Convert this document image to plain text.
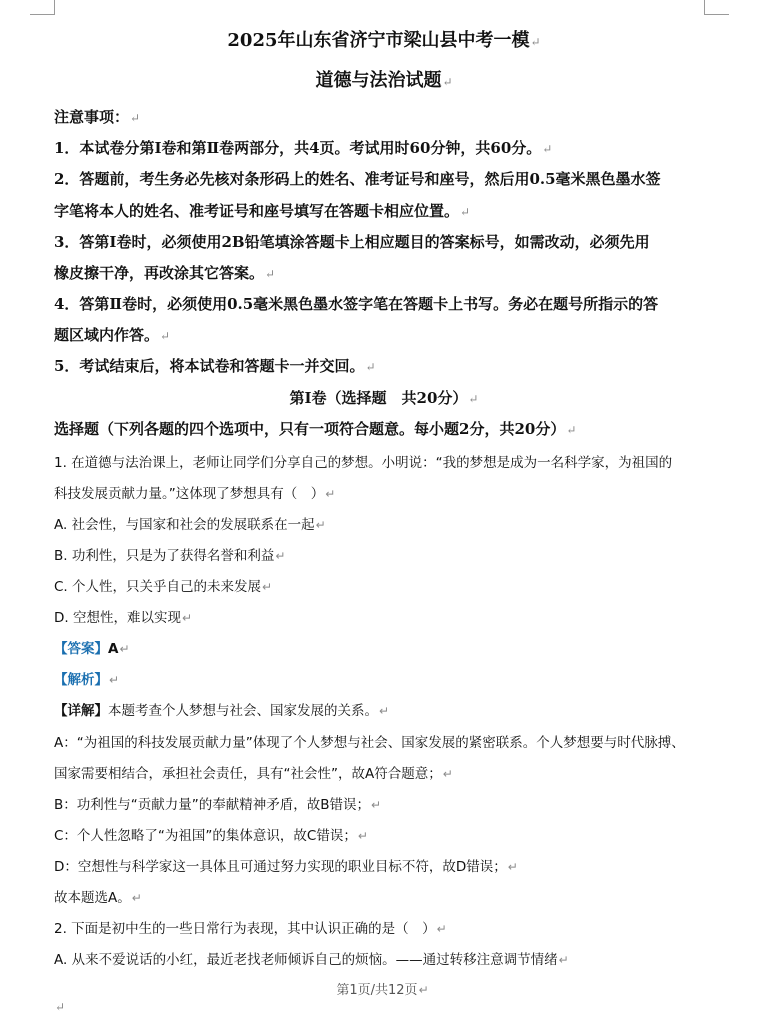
2025年山东省济宁市梁山县中考一模↵
道德与法治试题↵
注意事项：↵
1．本试卷分第Ⅰ卷和第Ⅱ卷两部分，共4页。考试用时60分钟，共60分。↵
2．答题前，考生务必先核对条形码上的姓名、准考证号和座号，然后用0.5毫米黑色墨水签
字笔将本人的姓名、准考证号和座号填写在答题卡相应位置。↵
3．答第Ⅰ卷时，必须使用2B铅笔填涂答题卡上相应题目的答案标号，如需改动，必须先用
橡皮擦干净，再改涂其它答案。↵
4．答第Ⅱ卷时，必须使用0.5毫米黑色墨水签字笔在答题卡上书写。务必在题号所指示的答
题区域内作答。↵
5．考试结束后，将本试卷和答题卡一并交回。↵
第Ⅰ卷（选择题　共20分）↵
选择题（下列各题的四个选项中，只有一项符合题意。每小题2分，共20分）↵
1. 在道德与法治课上，老师让同学们分享自己的梦想。小明说：“我的梦想是成为一名科学家，为祖国的
科技发展贡献力量。”这体现了梦想具有（　）↵
A. 社会性，与国家和社会的发展联系在一起↵
B. 功利性，只是为了获得名誉和利益↵
C. 个人性，只关乎自己的未来发展↵
D. 空想性，难以实现↵
【答案】A↵
【解析】↵
【详解】本题考查个人梦想与社会、国家发展的关系。↵
A：“为祖国的科技发展贡献力量”体现了个人梦想与社会、国家发展的紧密联系。个人梦想要与时代脉搏、
国家需要相结合，承担社会责任，具有“社会性”，故A符合题意；↵
B：功利性与“贡献力量”的奉献精神矛盾，故B错误；↵
C：个人性忽略了“为祖国”的集体意识，故C错误；↵
D：空想性与科学家这一具体且可通过努力实现的职业目标不符，故D错误；↵
故本题选A。↵
2. 下面是初中生的一些日常行为表现，其中认识正确的是（　）↵
A. 从来不爱说话的小红，最近老找老师倾诉自己的烦恼。——通过转移注意调节情绪↵
↵
第1页/共12页↵
